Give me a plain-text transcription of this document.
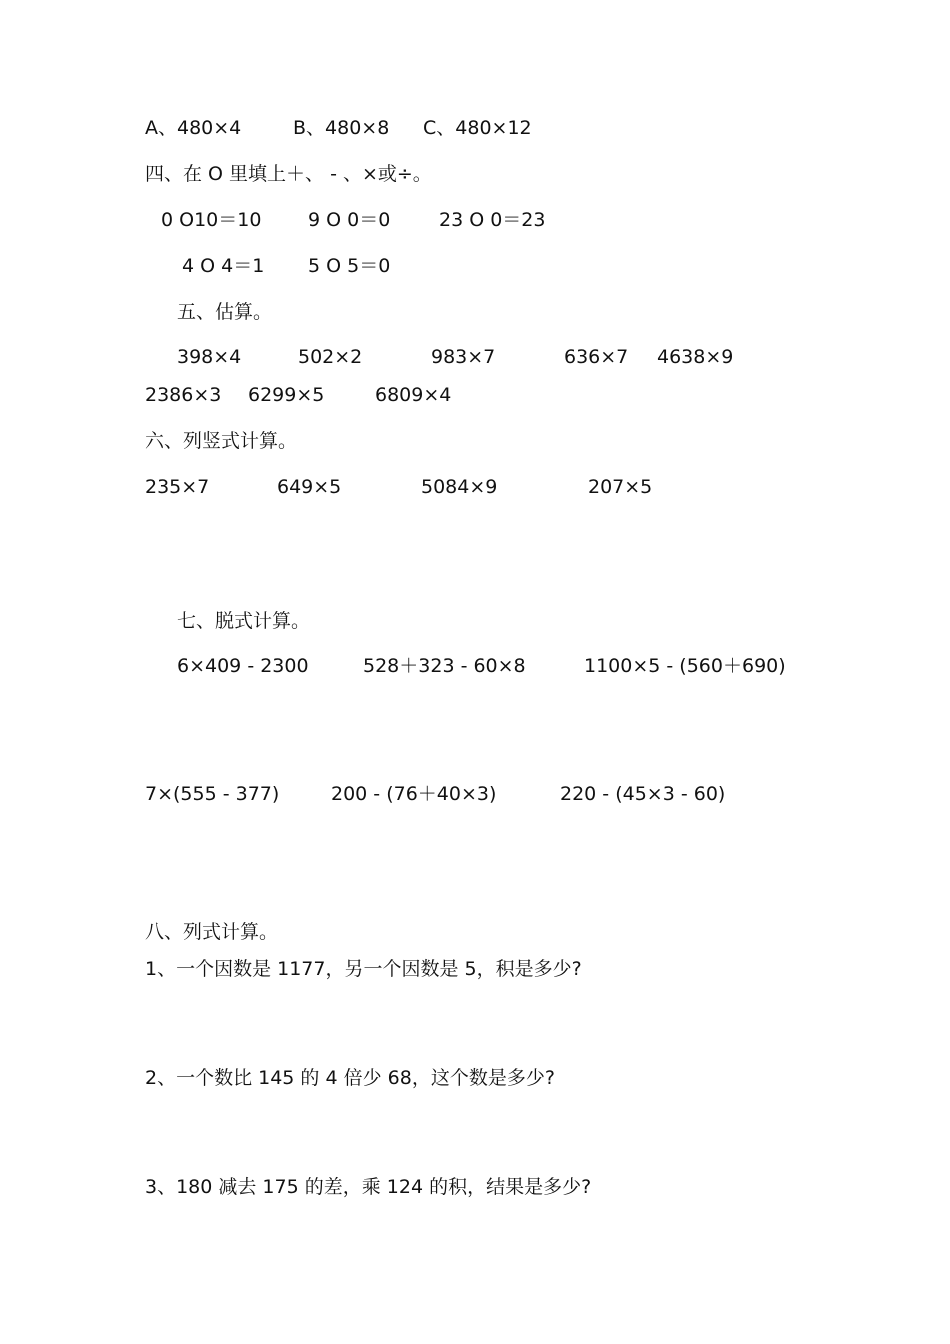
A、480×4	B、480×8 C、480×12
四、在 O 里填上＋、 - 、×或÷。
0 O10＝10 9 O 0＝0	23 O 0＝23
4 O 4＝1 5 O 5＝0
五、估算。
398×4	502×2	983×7	636×7 4638×9
2386×3 6299×5	6809×4
六、列竖式计算。
235×7	649×5	5084×9	207×5
七、脱式计算。
6×409 - 2300	528＋323 - 60×8	1100×5 - (560＋690)
7×(555 - 377)	200 - (76＋40×3)	220 - (45×3 - 60)
八、列式计算。
1、一个因数是 1177，另一个因数是 5，积是多少?
2、一个数比 145 的 4 倍少 68，这个数是多少?
3、180 减去 175 的差，乘 124 的积，结果是多少?
